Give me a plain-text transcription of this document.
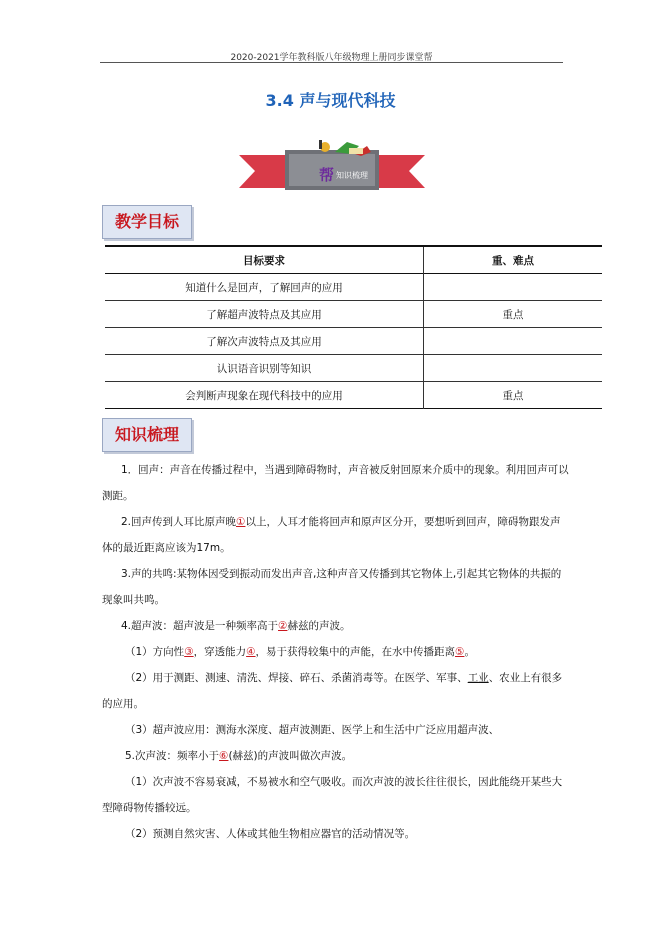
2020-2021学年教科版八年级物理上册同步课堂帮
3.4 声与现代科技
帮 知识梳理
教学目标
目标要求	重、难点
知道什么是回声，了解回声的应用	
了解超声波特点及其应用	重点
了解次声波特点及其应用	
认识语音识别等知识	
会判断声现象在现代科技中的应用	重点
知识梳理

1．回声：声音在传播过程中，当遇到障碍物时，声音被反射回原来介质中的现象。利用回声可以测距。

2.回声传到人耳比原声晚①以上，人耳才能将回声和原声区分开，要想听到回声，障碍物跟发声体的最近距离应该为17m。

3.声的共鸣:某物体因受到振动而发出声音,这种声音又传播到其它物体上,引起其它物体的共振的现象叫共鸣。

4.超声波：超声波是一种频率高于②赫兹的声波。

（1）方向性③，穿透能力④，易于获得较集中的声能，在水中传播距离⑤。

（2）用于测距、测速、清洗、焊接、碎石、杀菌消毒等。在医学、军事、工业、农业上有很多的应用。

（3）超声波应用：测海水深度、超声波测距、医学上和生活中广泛应用超声波、

5.次声波：频率小于⑥(赫兹)的声波叫做次声波。

（1）次声波不容易衰减，不易被水和空气吸收。而次声波的波长往往很长，因此能绕开某些大型障碍物传播较远。

（2）预测自然灾害、人体或其他生物相应器官的活动情况等。
